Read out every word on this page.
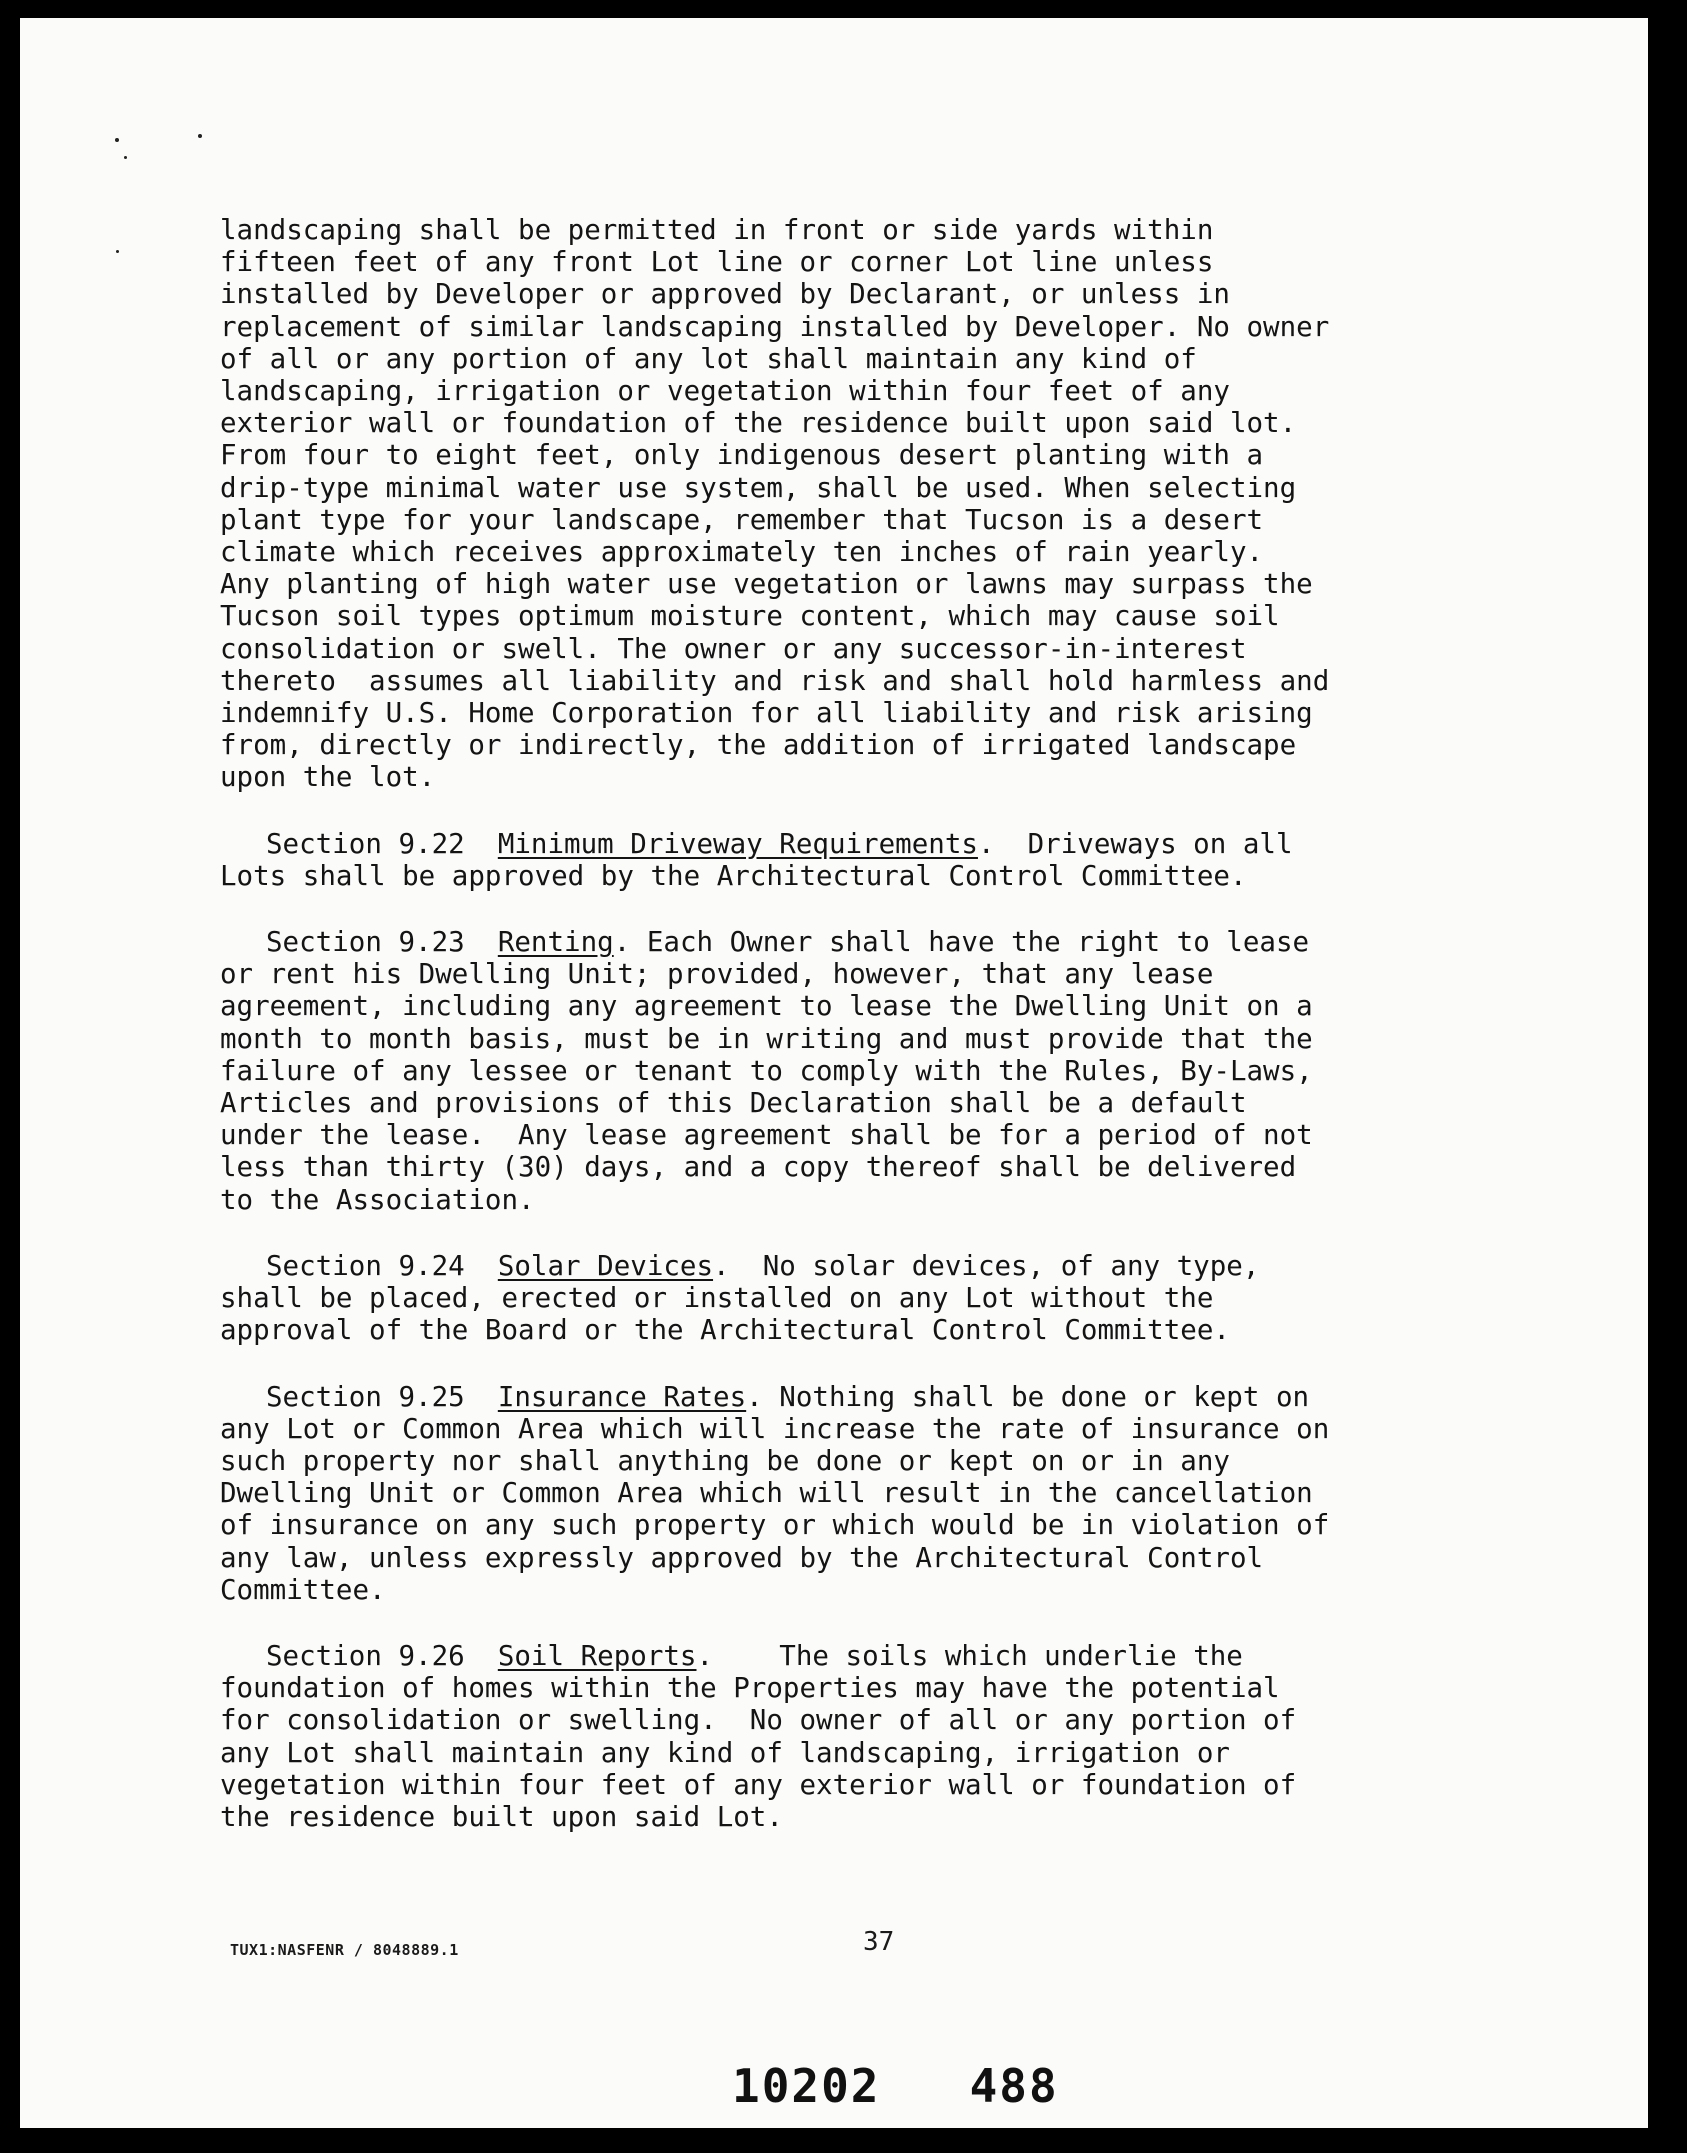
landscaping shall be permitted in front or side yards within
fifteen feet of any front Lot line or corner Lot line unless
installed by Developer or approved by Declarant, or unless in
replacement of similar landscaping installed by Developer. No owner
of all or any portion of any lot shall maintain any kind of
landscaping, irrigation or vegetation within four feet of any
exterior wall or foundation of the residence built upon said lot.
From four to eight feet, only indigenous desert planting with a
drip-type minimal water use system, shall be used. When selecting
plant type for your landscape, remember that Tucson is a desert
climate which receives approximately ten inches of rain yearly.
Any planting of high water use vegetation or lawns may surpass the
Tucson soil types optimum moisture content, which may cause soil
consolidation or swell. The owner or any successor-in-interest
thereto  assumes all liability and risk and shall hold harmless and
indemnify U.S. Home Corporation for all liability and risk arising
from, directly or indirectly, the addition of irrigated landscape
upon the lot.
Section 9.22 Minimum Driveway Requirements.  Driveways on all
Lots shall be approved by the Architectural Control Committee.
Section 9.23 Renting. Each Owner shall have the right to lease
or rent his Dwelling Unit; provided, however, that any lease
agreement, including any agreement to lease the Dwelling Unit on a
month to month basis, must be in writing and must provide that the
failure of any lessee or tenant to comply with the Rules, By-Laws,
Articles and provisions of this Declaration shall be a default
under the lease.  Any lease agreement shall be for a period of not
less than thirty (30) days, and a copy thereof shall be delivered
to the Association.
Section 9.24 Solar Devices.  No solar devices, of any type,
shall be placed, erected or installed on any Lot without the
approval of the Board or the Architectural Control Committee.
Section 9.25 Insurance Rates. Nothing shall be done or kept on
any Lot or Common Area which will increase the rate of insurance on
such property nor shall anything be done or kept on or in any
Dwelling Unit or Common Area which will result in the cancellation
of insurance on any such property or which would be in violation of
any law, unless expressly approved by the Architectural Control
Committee.
Section 9.26 Soil Reports.    The soils which underlie the
foundation of homes within the Properties may have the potential
for consolidation or swelling.  No owner of all or any portion of
any Lot shall maintain any kind of landscaping, irrigation or
vegetation within four feet of any exterior wall or foundation of
the residence built upon said Lot.
TUX1:NASFENR / 8048889.1	37
10202 488
